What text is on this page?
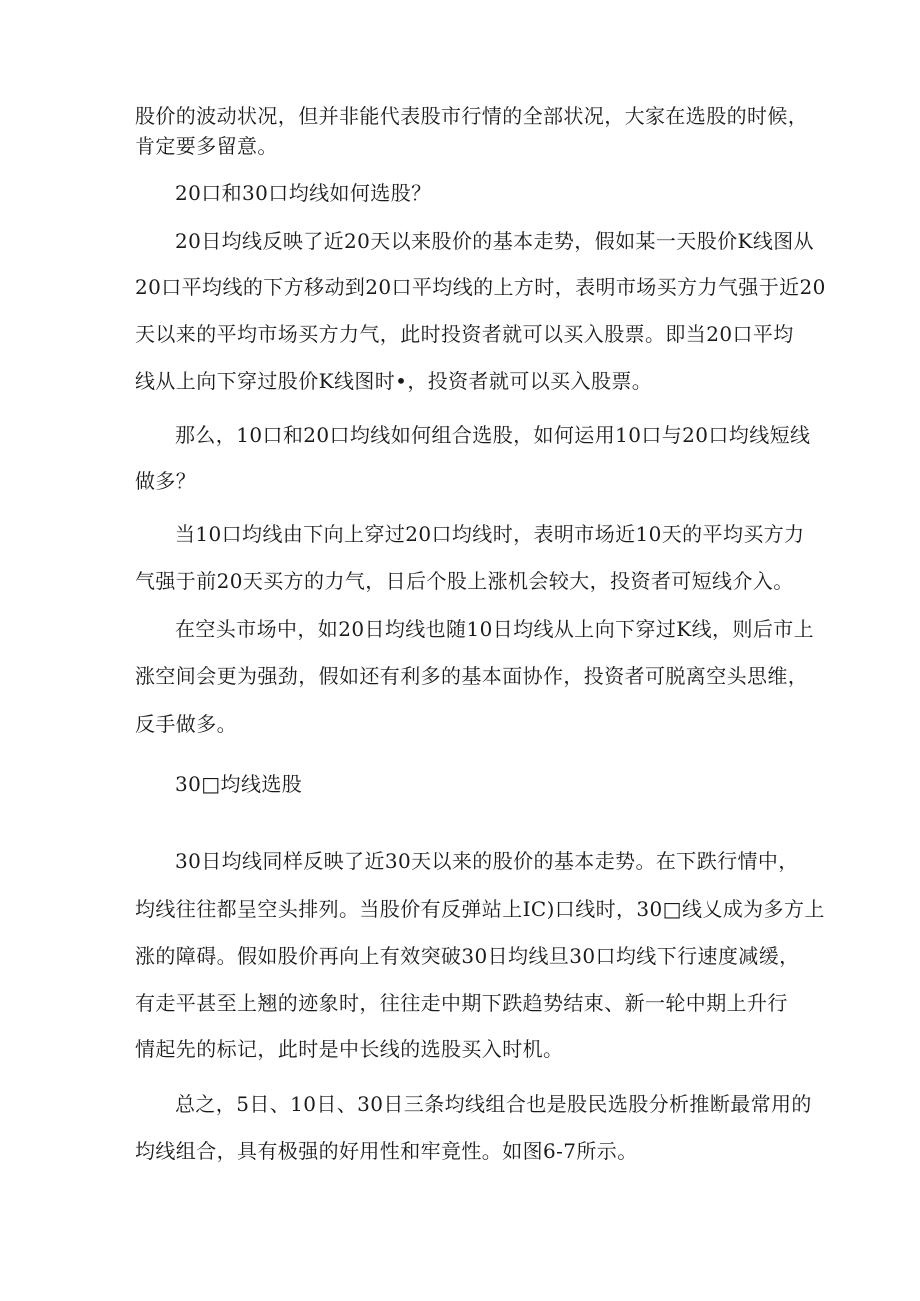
股价的波动状况，但并非能代表股市行情的全部状况，大家在选股的时候，
肯定要多留意。
20口和30口均线如何选股？
20日均线反映了近20天以来股价的基本走势，假如某一天股价K线图从
20口平均线的下方移动到20口平均线的上方时，表明市场买方力气强于近20
天以来的平均市场买方力气，此时投资者就可以买入股票。即当20口平均
线从上向下穿过股价K线图时•，投资者就可以买入股票。
那么，10口和20口均线如何组合选股，如何运用10口与20口均线短线
做多？
当10口均线由下向上穿过20口均线时，表明市场近10天的平均买方力
气强于前20天买方的力气，日后个股上涨机会较大，投资者可短线介入。
在空头市场中，如20日均线也随10日均线从上向下穿过K线，则后市上
涨空间会更为强劲，假如还有利多的基本面协作，投资者可脱离空头思维，
反手做多。
30□均线选股
30日均线同样反映了近30天以来的股价的基本走势。在下跌行情中，
均线往往都呈空头排列。当股价有反弹站上IC)口线时，30□线乂成为多方上
涨的障碍。假如股价再向上有效突破30日均线旦30口均线下行速度减缓，
有走平甚至上翘的迹象时，往往走中期下跌趋势结束、新一轮中期上升行
情起先的标记，此时是中长线的选股买入时机。
总之，5日、10日、30日三条均线组合也是股民选股分析推断最常用的
均线组合，具有极强的好用性和牢竟性。如图6-7所示。
